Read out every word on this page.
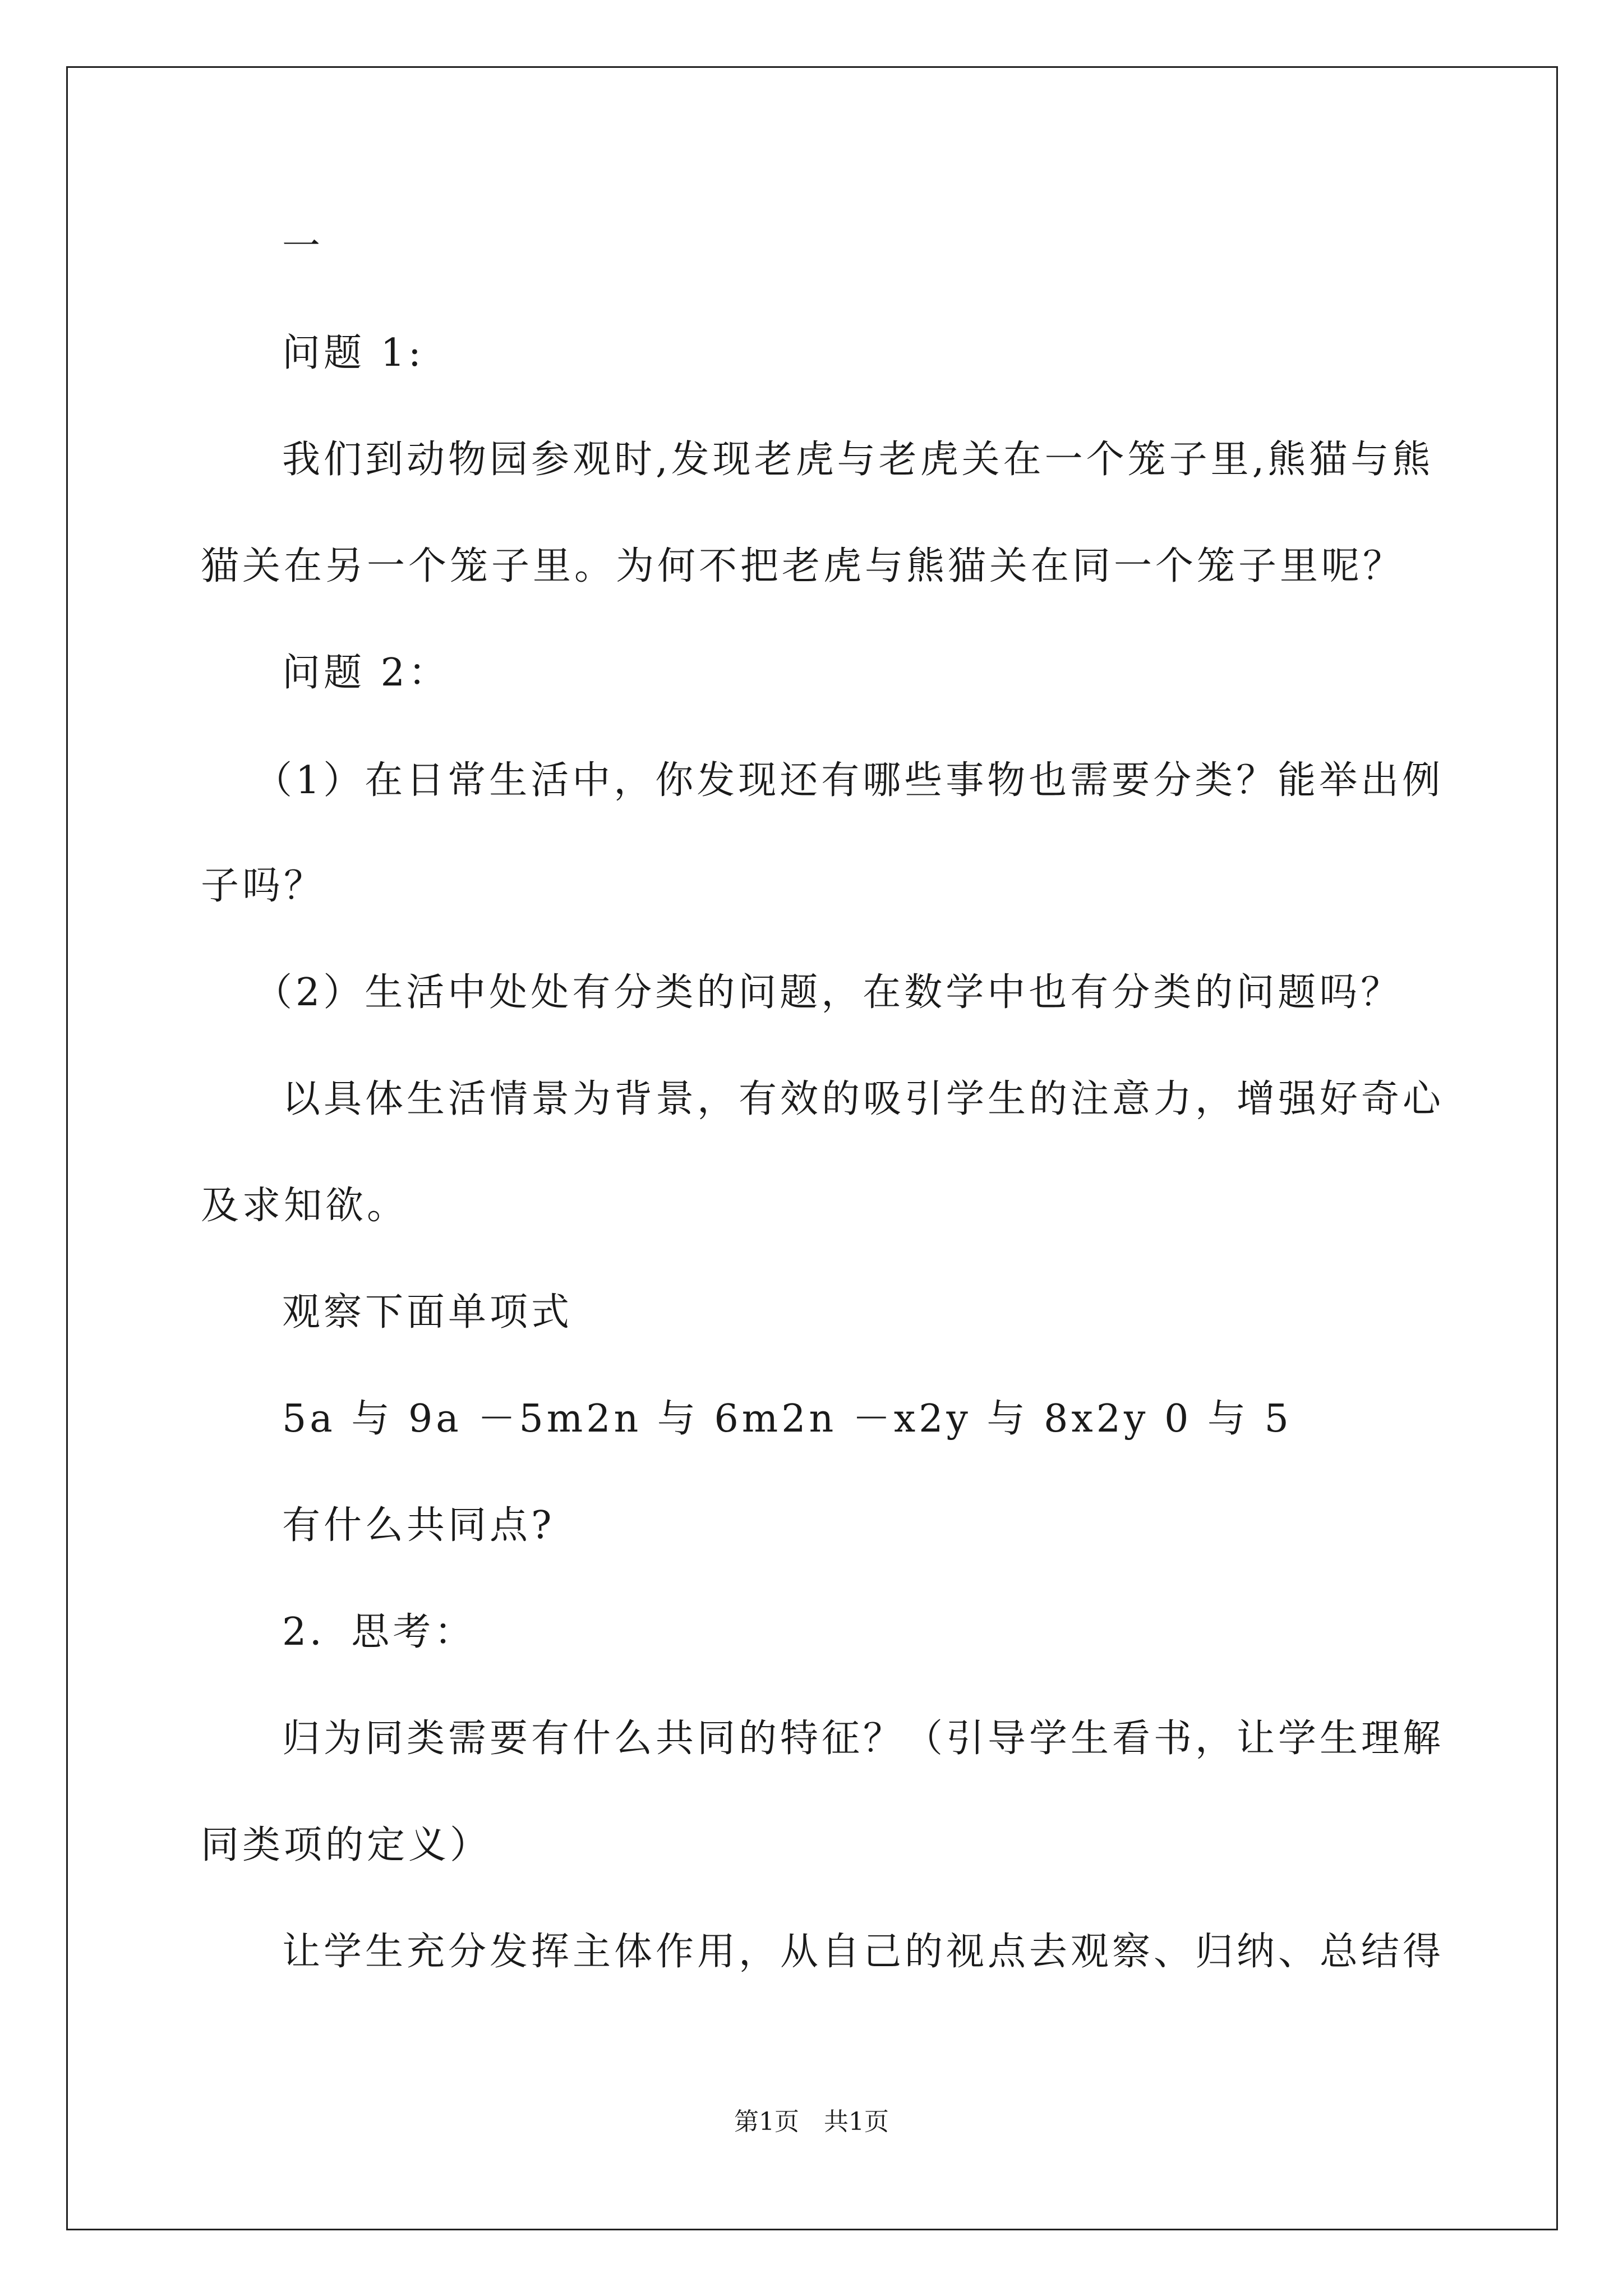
一
问题 1:
我们到动物园参观时,发现老虎与老虎关在一个笼子里,熊猫与熊
猫关在另一个笼子里。为何不把老虎与熊猫关在同一个笼子里呢？
问题 2：
（1）在日常生活中，你发现还有哪些事物也需要分类？能举出例
子吗？
（2）生活中处处有分类的问题，在数学中也有分类的问题吗？
以具体生活情景为背景，有效的吸引学生的注意力，增强好奇心
及求知欲。
观察下面单项式
5a 与 9a －5m2n 与 6m2n －x2y 与 8x2y 0 与 5
有什么共同点?
2．思考：
归为同类需要有什么共同的特征？（引导学生看书，让学生理解
同类项的定义）
让学生充分发挥主体作用，从自己的视点去观察、归纳、总结得
第1页　共1页
